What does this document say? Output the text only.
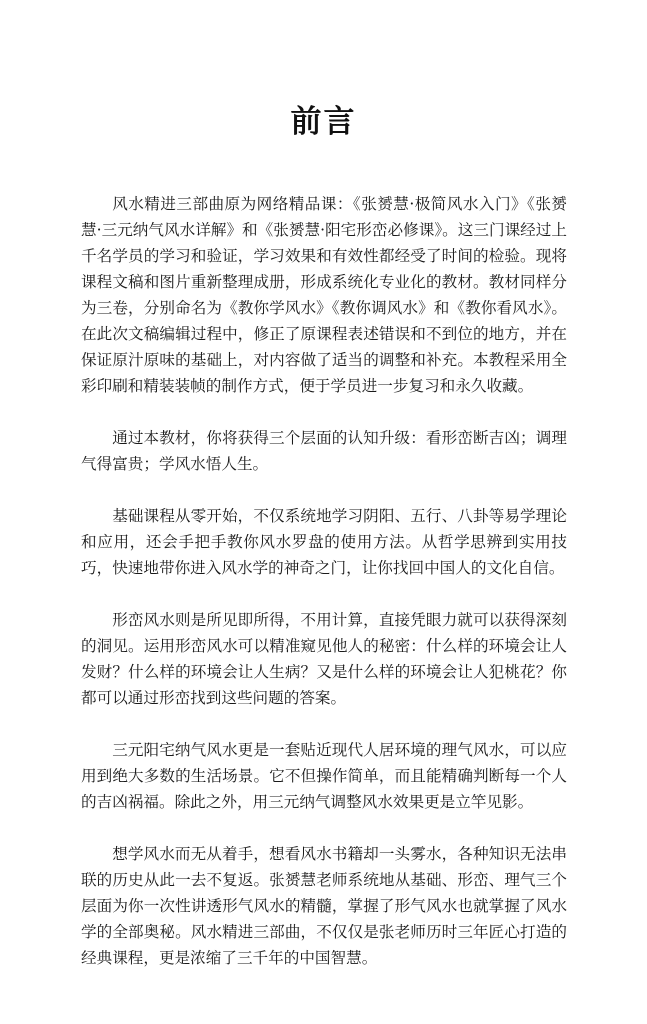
前言

风水精进三部曲原为网络精品课：《张赟慧·极简风水入门》《张赟慧·三元纳气风水详解》和《张赟慧·阳宅形峦必修课》。这三门课经过上千名学员的学习和验证，学习效果和有效性都经受了时间的检验。现将课程文稿和图片重新整理成册，形成系统化专业化的教材。教材同样分为三卷，分别命名为《教你学风水》《教你调风水》和《教你看风水》。在此次文稿编辑过程中，修正了原课程表述错误和不到位的地方，并在保证原汁原味的基础上，对内容做了适当的调整和补充。本教程采用全彩印刷和精装装帧的制作方式，便于学员进一步复习和永久收藏。

通过本教材，你将获得三个层面的认知升级：看形峦断吉凶；调理气得富贵；学风水悟人生。

基础课程从零开始，不仅系统地学习阴阳、五行、八卦等易学理论和应用，还会手把手教你风水罗盘的使用方法。从哲学思辨到实用技巧，快速地带你进入风水学的神奇之门，让你找回中国人的文化自信。

形峦风水则是所见即所得，不用计算，直接凭眼力就可以获得深刻的洞见。运用形峦风水可以精准窥见他人的秘密：什么样的环境会让人发财？什么样的环境会让人生病？又是什么样的环境会让人犯桃花？你都可以通过形峦找到这些问题的答案。

三元阳宅纳气风水更是一套贴近现代人居环境的理气风水，可以应用到绝大多数的生活场景。它不但操作简单，而且能精确判断每一个人的吉凶祸福。除此之外，用三元纳气调整风水效果更是立竿见影。

想学风水而无从着手，想看风水书籍却一头雾水，各种知识无法串联的历史从此一去不复返。张赟慧老师系统地从基础、形峦、理气三个层面为你一次性讲透形气风水的精髓，掌握了形气风水也就掌握了风水学的全部奥秘。风水精进三部曲，不仅仅是张老师历时三年匠心打造的经典课程，更是浓缩了三千年的中国智慧。
